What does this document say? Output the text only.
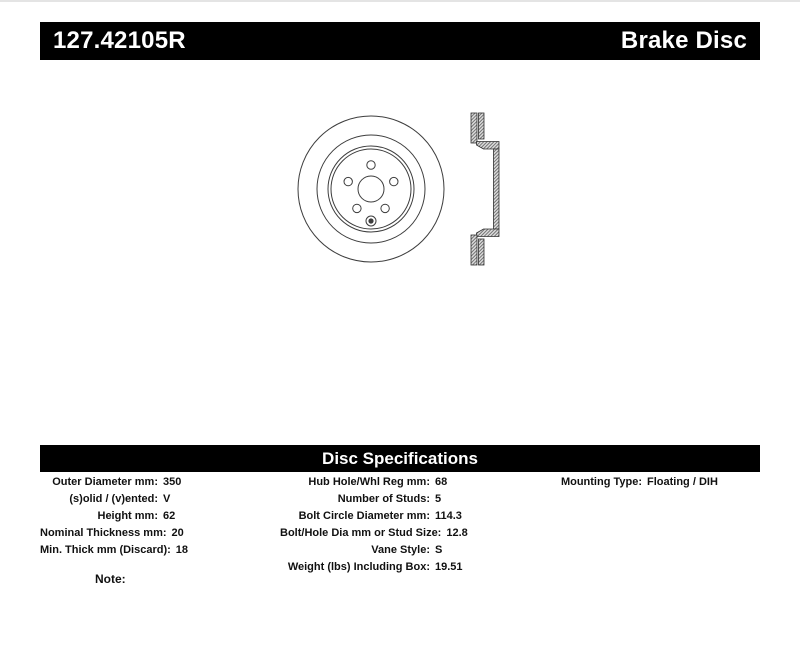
127.42105R	Brake Disc
Disc Specifications
Outer Diameter mm: 350
(s)olid / (v)ented: V
Height mm: 62
Nominal Thickness mm: 20
Min. Thick mm (Discard): 18
Hub Hole/Whl Reg mm: 68
Number of Studs: 5
Bolt Circle Diameter mm: 114.3
Bolt/Hole Dia mm or Stud Size: 12.8
Vane Style: S
Weight (lbs) Including Box: 19.51
Mounting Type: Floating / DIH
Note:
